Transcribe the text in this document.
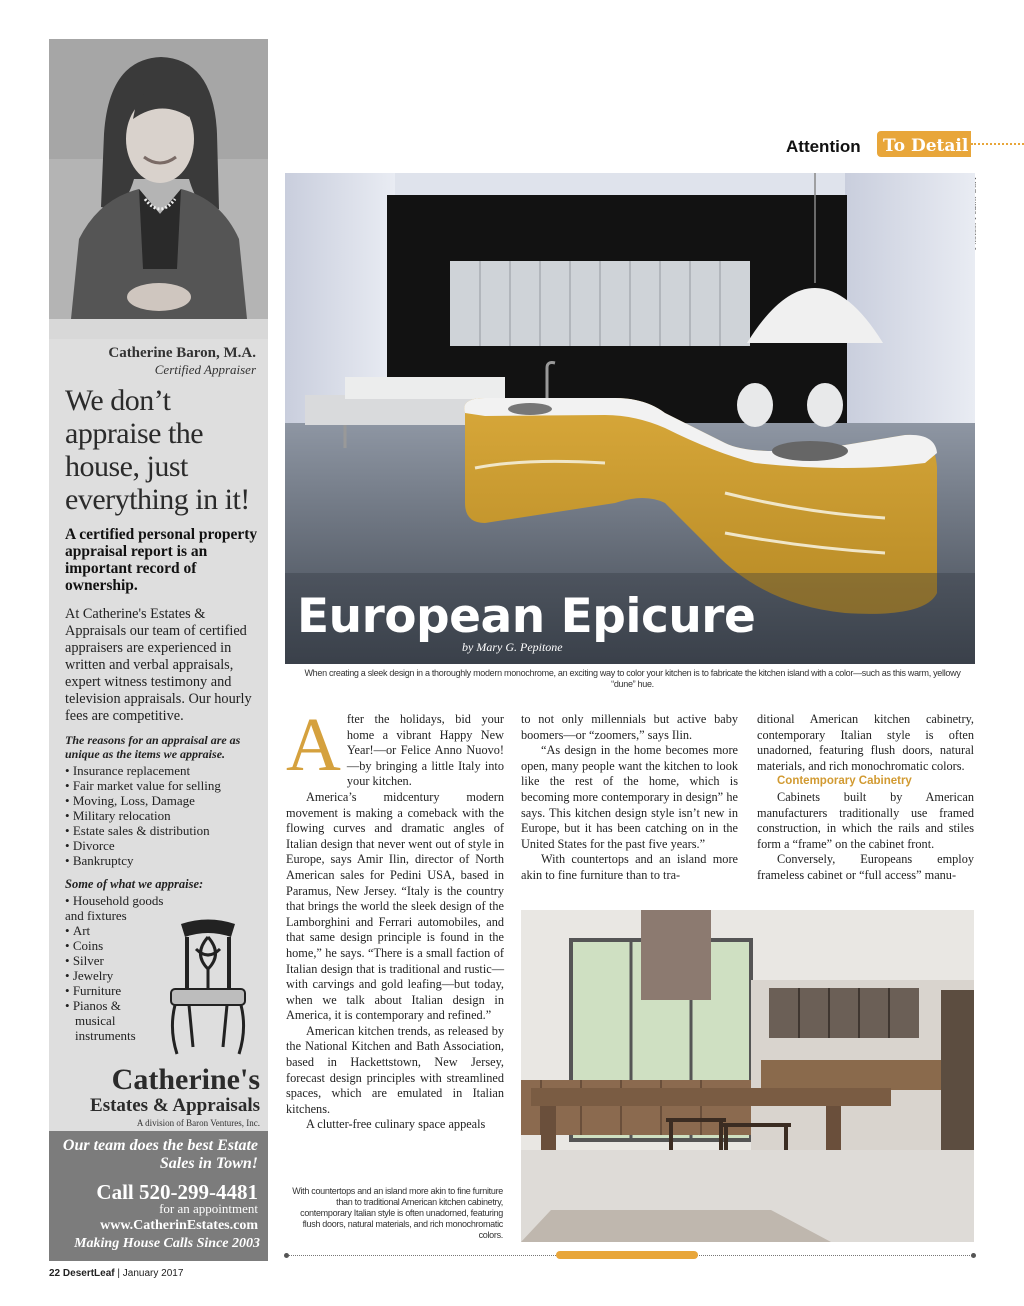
Catherine Baron, M.A.
Certified Appraiser
We don’t appraise the house, just everything in it!
A certified personal property appraisal report is an important record of ownership.
At Catherine's Estates & Appraisals our team of certified appraisers are experienced in written and verbal appraisals, expert witness testimony and television appraisals. Our hourly fees are competitive.
The reasons for an appraisal are as unique as the items we appraise.
• Insurance replacement
• Fair market value for selling
• Moving, Loss, Damage
• Military relocation
• Estate sales & distribution
• Divorce
• Bankruptcy
Some of what we appraise:
• Household goods and fixtures
• Art
• Coins
• Silver
• Jewelry
• Furniture
• Pianos &
musical instruments
Catherine's
Estates & Appraisals
A division of Baron Ventures, Inc.
Our team does the best Estate Sales in Town!
Call 520-299-4481
for an appointment
www.CatherinEstates.com
Making House Calls Since 2003
22 DesertLeaf | January 2017
Attention To Detail
European Epicure
by Mary G. Pepitone
When creating a sleek design in a thoroughly modern monochrome, an exciting way to color your kitchen is to fabricate the kitchen island with a color—such as this warm, yellowy “dune” hue.
A fter the holidays, bid your home a vibrant Happy New Year!—or Felice Anno Nuovo!—by bringing a little Italy into your kitchen.

America’s midcentury modern movement is making a comeback with the flowing curves and dramatic angles of Italian design that never went out of style in Europe, says Amir Ilin, director of North American sales for Pedini USA, based in Paramus, New Jersey. “Italy is the country that brings the world the sleek design of the Lamborghini and Ferrari automobiles, and that same design principle is found in the home,” he says. “There is a small faction of Italian design that is traditional and rustic—with carvings and gold leafing—but today, when we talk about Italian design in America, it is contemporary and refined.”

American kitchen trends, as released by the National Kitchen and Bath Association, based in Hackettstown, New Jersey, forecast design principles with streamlined spaces, which are emulated in Italian kitchens.

A clutter-free culinary space appeals

to not only millennials but active baby boomers—or “zoomers,” says Ilin.

“As design in the home becomes more open, many people want the kitchen to look like the rest of the home, which is becoming more contemporary in design” he says. This kitchen design style isn’t new in Europe, but it has been catching on in the United States for the past five years.”

With countertops and an island more akin to fine furniture than to tra-

ditional American kitchen cabinetry, contemporary Italian style is often unadorned, featuring flush doors, natural materials, and rich monochromatic colors.

Contemporary Cabinetry

Cabinets built by American manufacturers traditionally use framed construction, in which the rails and stiles form a “frame” on the cabinet front.

Conversely, Europeans employ frameless cabinet or “full access” manu-

With countertops and an island more akin to fine furniture than to traditional American kitchen cabinetry, contemporary Italian style is often unadorned, featuring flush doors, natural materials, and rich monochromatic colors.
